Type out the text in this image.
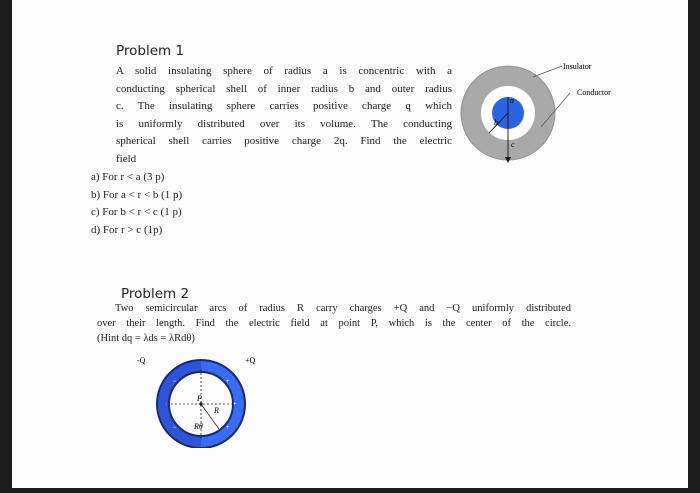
Problem 1

A solid insulating sphere of radius a is concentric with a

conducting spherical shell of inner radius b and outer radius

c. The insulating sphere carries positive charge q which

is uniformly distributed over its volume. The conducting

spherical shell carries positive charge 2q. Find the electric

field

a) For r < a (3 p)

b) For a < r < b (1 p)

c) For b < r < c (1 p)

d) For r > c (1p)

Insulator
Conductor
a
b
c
Problem 2

Two semicircular arcs of radius R carry charges +Q and −Q uniformly distributed

over their length. Find the electric field at point P, which is the center of the circle.

(Hint dq = λds = λRdθ)

−
−
−
+
+
+
P
R
Rθ
-Q	+Q
